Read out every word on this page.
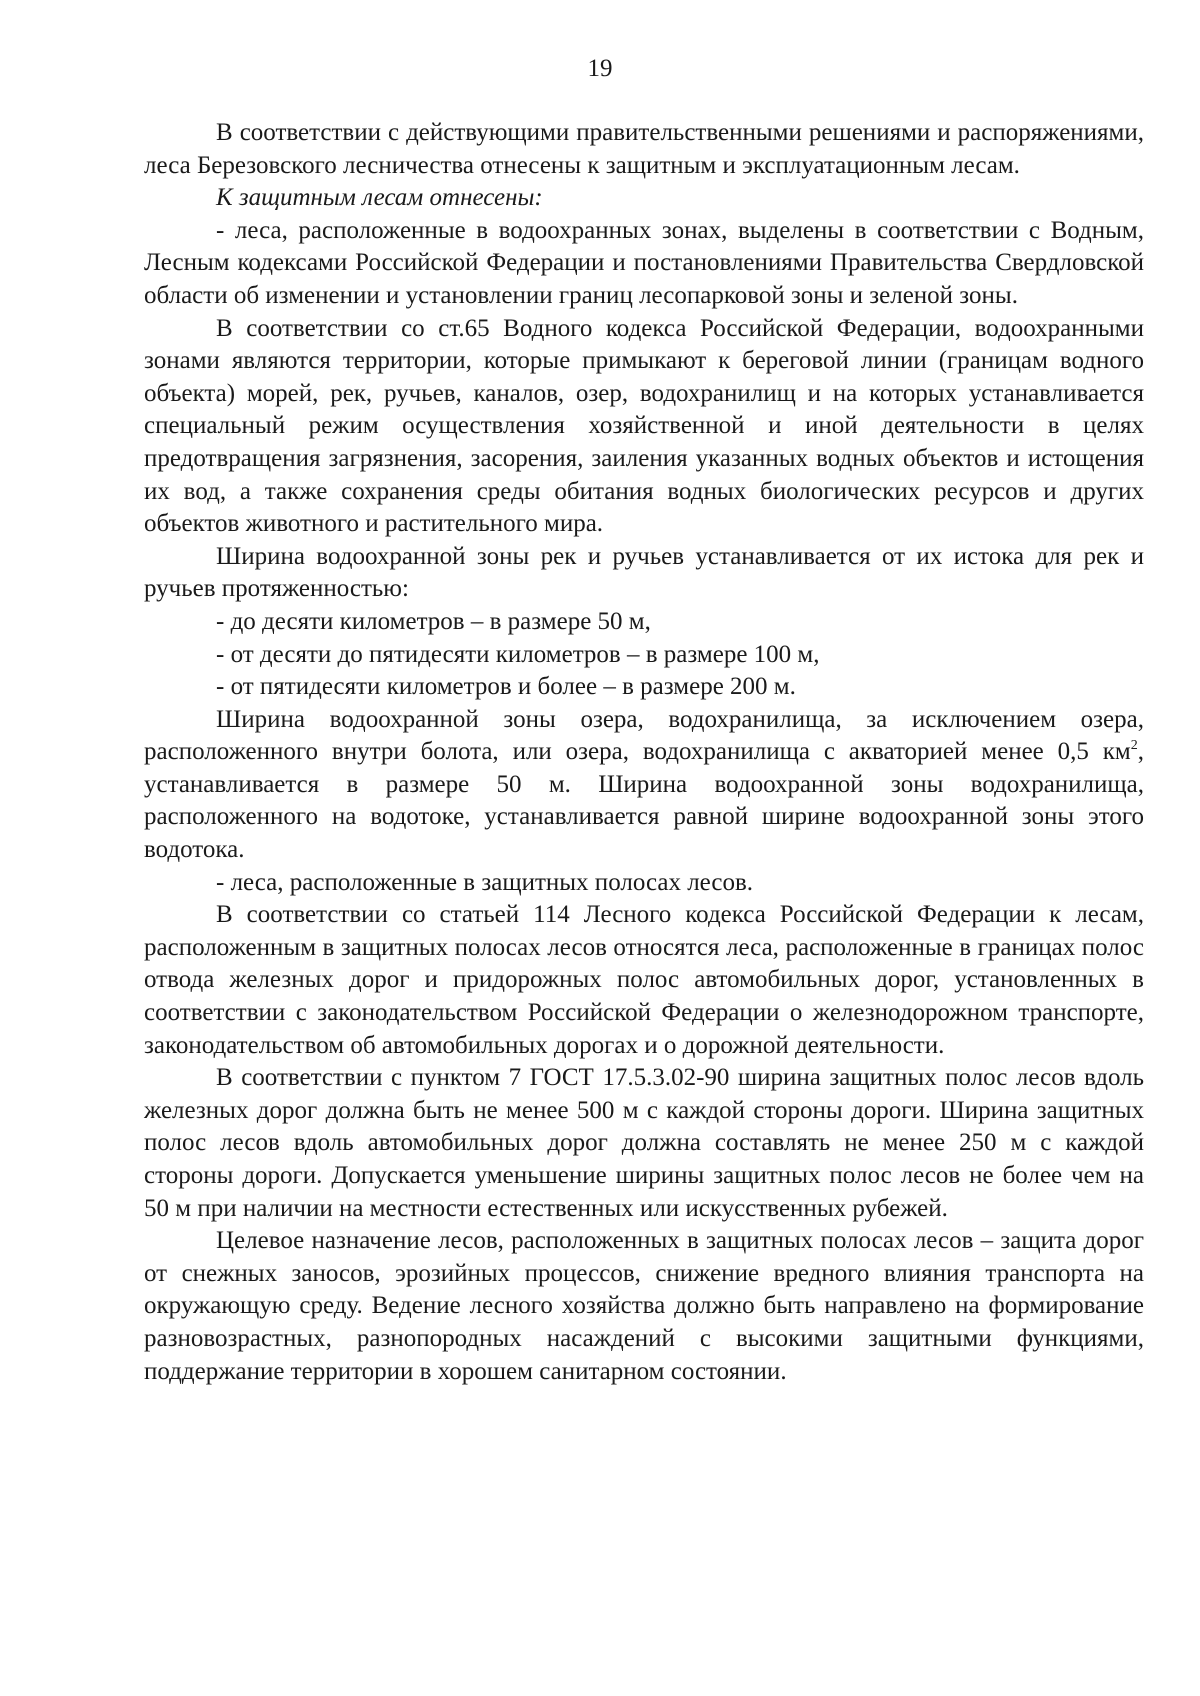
19

В соответствии с действующими правительственными решениями и распоряжениями, леса Березовского лесничества отнесены к защитным и эксплуатационным лесам.

К защитным лесам отнесены:

- леса, расположенные в водоохранных зонах, выделены в соответствии с Водным, Лесным кодексами Российской Федерации и постановлениями Правительства Свердловской области об изменении и установлении границ лесопарковой зоны и зеленой зоны.

В соответствии со ст.65 Водного кодекса Российской Федерации, водоохранными зонами являются территории, которые примыкают к береговой линии (границам водного объекта) морей, рек, ручьев, каналов, озер, водохранилищ и на которых устанавливается специальный режим осуществления хозяйственной и иной деятельности в целях предотвращения загрязнения, засорения, заиления указанных водных объектов и истощения их вод, а также сохранения среды обитания водных биологических ресурсов и других объектов животного и растительного мира.

Ширина водоохранной зоны рек и ручьев устанавливается от их истока для рек и ручьев протяженностью:

- до десяти километров – в размере 50 м,

- от десяти до пятидесяти километров – в размере 100 м,

- от пятидесяти километров и более – в размере 200 м.

Ширина водоохранной зоны озера, водохранилища, за исключением озера, расположенного внутри болота, или озера, водохранилища с акваторией менее 0,5 $км^2$, устанавливается в размере 50 м. Ширина водоохранной зоны водохранилища, расположенного на водотоке, устанавливается равной ширине водоохранной зоны этого водотока.

- леса, расположенные в защитных полосах лесов.

В соответствии со статьей 114 Лесного кодекса Российской Федерации к лесам, расположенным в защитных полосах лесов относятся леса, расположенные в границах полос отвода железных дорог и придорожных полос автомобильных дорог, установленных в соответствии с законодательством Российской Федерации о железнодорожном транспорте, законодательством об автомобильных дорогах и о дорожной деятельности.

В соответствии с пунктом 7 ГОСТ 17.5.3.02-90 ширина защитных полос лесов вдоль железных дорог должна быть не менее 500 м с каждой стороны дороги. Ширина защитных полос лесов вдоль автомобильных дорог должна составлять не менее 250 м с каждой стороны дороги. Допускается уменьшение ширины защитных полос лесов не более чем на 50 м при наличии на местности естественных или искусственных рубежей.

Целевое назначение лесов, расположенных в защитных полосах лесов – защита дорог от снежных заносов, эрозийных процессов, снижение вредного влияния транспорта на окружающую среду. Ведение лесного хозяйства должно быть направлено на формирование разновозрастных, разнопородных насаждений с высокими защитными функциями, поддержание территории в хорошем санитарном состоянии.
